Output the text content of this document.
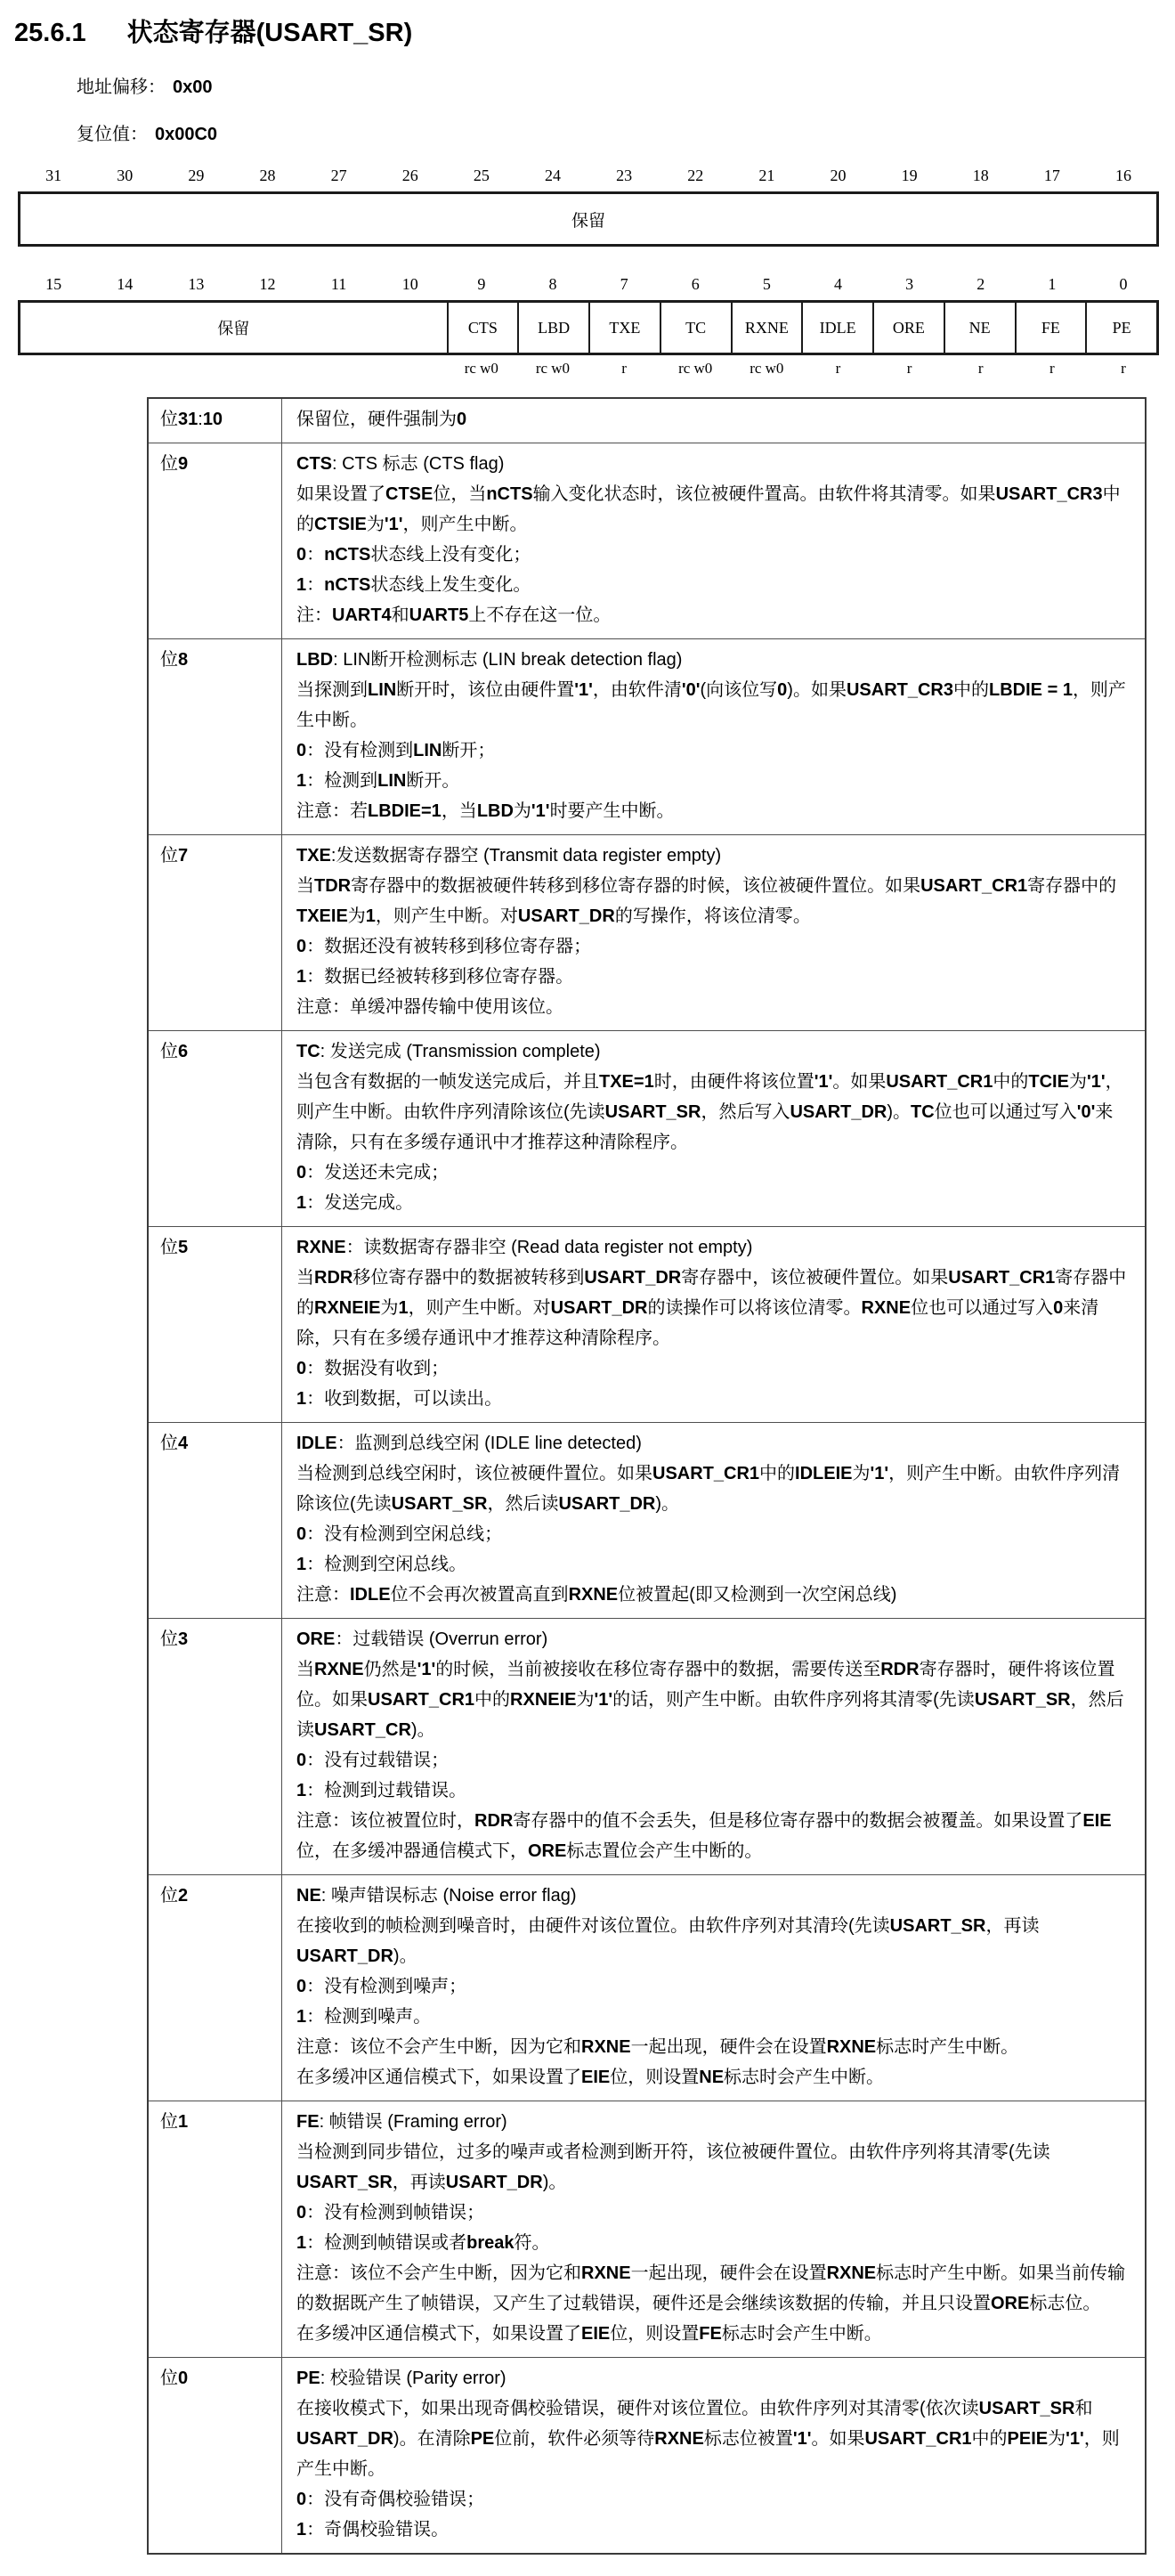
25.6.1 状态寄存器(USART_SR)
地址偏移： 0x00
复位值： 0x00C0
31	30	29	28	27	26	25	24	23	22	21	20	19	18	17	16
保留
15	14	13	12	11	10	9	8	7	6	5	4	3	2	1	0
保留	CTS	LBD	TXE	TC	RXNE	IDLE	ORE	NE	FE	PE
rc w0	rc w0	r	rc w0	rc w0	r	r	r	r	r

位31:10	保留位，硬件强制为0

位9	CTS: CTS 标志 (CTS flag)

如果设置了CTSE位，当nCTS输入变化状态时，该位被硬件置高。由软件将其清零。如果USART_CR3中的CTSIE为'1'，则产生中断。

0：nCTS状态线上没有变化；

1：nCTS状态线上发生变化。

注：UART4和UART5上不存在这一位。

位8	LBD: LIN断开检测标志 (LIN break detection flag)

当探测到LIN断开时，该位由硬件置'1'，由软件清'0'(向该位写0)。如果USART_CR3中的LBDIE = 1，则产生中断。

0：没有检测到LIN断开；

1：检测到LIN断开。

注意：若LBDIE=1，当LBD为'1'时要产生中断。

位7	TXE:发送数据寄存器空 (Transmit data register empty)

当TDR寄存器中的数据被硬件转移到移位寄存器的时候，该位被硬件置位。如果USART_CR1寄存器中的TXEIE为1，则产生中断。对USART_DR的写操作，将该位清零。

0：数据还没有被转移到移位寄存器；

1：数据已经被转移到移位寄存器。

注意：单缓冲器传输中使用该位。

位6	TC: 发送完成 (Transmission complete)

当包含有数据的一帧发送完成后，并且TXE=1时，由硬件将该位置'1'。如果USART_CR1中的TCIE为'1'，则产生中断。由软件序列清除该位(先读USART_SR，然后写入USART_DR)。TC位也可以通过写入'0'来清除，只有在多缓存通讯中才推荐这种清除程序。

0：发送还未完成；

1：发送完成。

位5	RXNE：读数据寄存器非空 (Read data register not empty)

当RDR移位寄存器中的数据被转移到USART_DR寄存器中，该位被硬件置位。如果USART_CR1寄存器中的RXNEIE为1，则产生中断。对USART_DR的读操作可以将该位清零。RXNE位也可以通过写入0来清除，只有在多缓存通讯中才推荐这种清除程序。

0：数据没有收到；

1：收到数据，可以读出。

位4	IDLE：监测到总线空闲 (IDLE line detected)

当检测到总线空闲时，该位被硬件置位。如果USART_CR1中的IDLEIE为'1'，则产生中断。由软件序列清除该位(先读USART_SR，然后读USART_DR)。

0：没有检测到空闲总线；

1：检测到空闲总线。

注意：IDLE位不会再次被置高直到RXNE位被置起(即又检测到一次空闲总线)

位3	ORE：过载错误 (Overrun error)

当RXNE仍然是'1'的时候，当前被接收在移位寄存器中的数据，需要传送至RDR寄存器时，硬件将该位置位。如果USART_CR1中的RXNEIE为'1'的话，则产生中断。由软件序列将其清零(先读USART_SR，然后读USART_CR)。

0：没有过载错误；

1：检测到过载错误。

注意：该位被置位时，RDR寄存器中的值不会丢失，但是移位寄存器中的数据会被覆盖。如果设置了EIE位，在多缓冲器通信模式下，ORE标志置位会产生中断的。

位2	NE: 噪声错误标志 (Noise error flag)

在接收到的帧检测到噪音时，由硬件对该位置位。由软件序列对其清玲(先读USART_SR，再读USART_DR)。

0：没有检测到噪声；

1：检测到噪声。

注意：该位不会产生中断，因为它和RXNE一起出现，硬件会在设置RXNE标志时产生中断。

在多缓冲区通信模式下，如果设置了EIE位，则设置NE标志时会产生中断。

位1	FE: 帧错误 (Framing error)

当检测到同步错位，过多的噪声或者检测到断开符，该位被硬件置位。由软件序列将其清零(先读USART_SR，再读USART_DR)。

0：没有检测到帧错误；

1：检测到帧错误或者break符。

注意：该位不会产生中断，因为它和RXNE一起出现，硬件会在设置RXNE标志时产生中断。如果当前传输的数据既产生了帧错误，又产生了过载错误，硬件还是会继续该数据的传输，并且只设置ORE标志位。

在多缓冲区通信模式下，如果设置了EIE位，则设置FE标志时会产生中断。

位0	PE: 校验错误 (Parity error)

在接收模式下，如果出现奇偶校验错误，硬件对该位置位。由软件序列对其清零(依次读USART_SR和USART_DR)。在清除PE位前，软件必须等待RXNE标志位被置'1'。如果USART_CR1中的PEIE为'1'，则产生中断。

0：没有奇偶校验错误；

1：奇偶校验错误。
